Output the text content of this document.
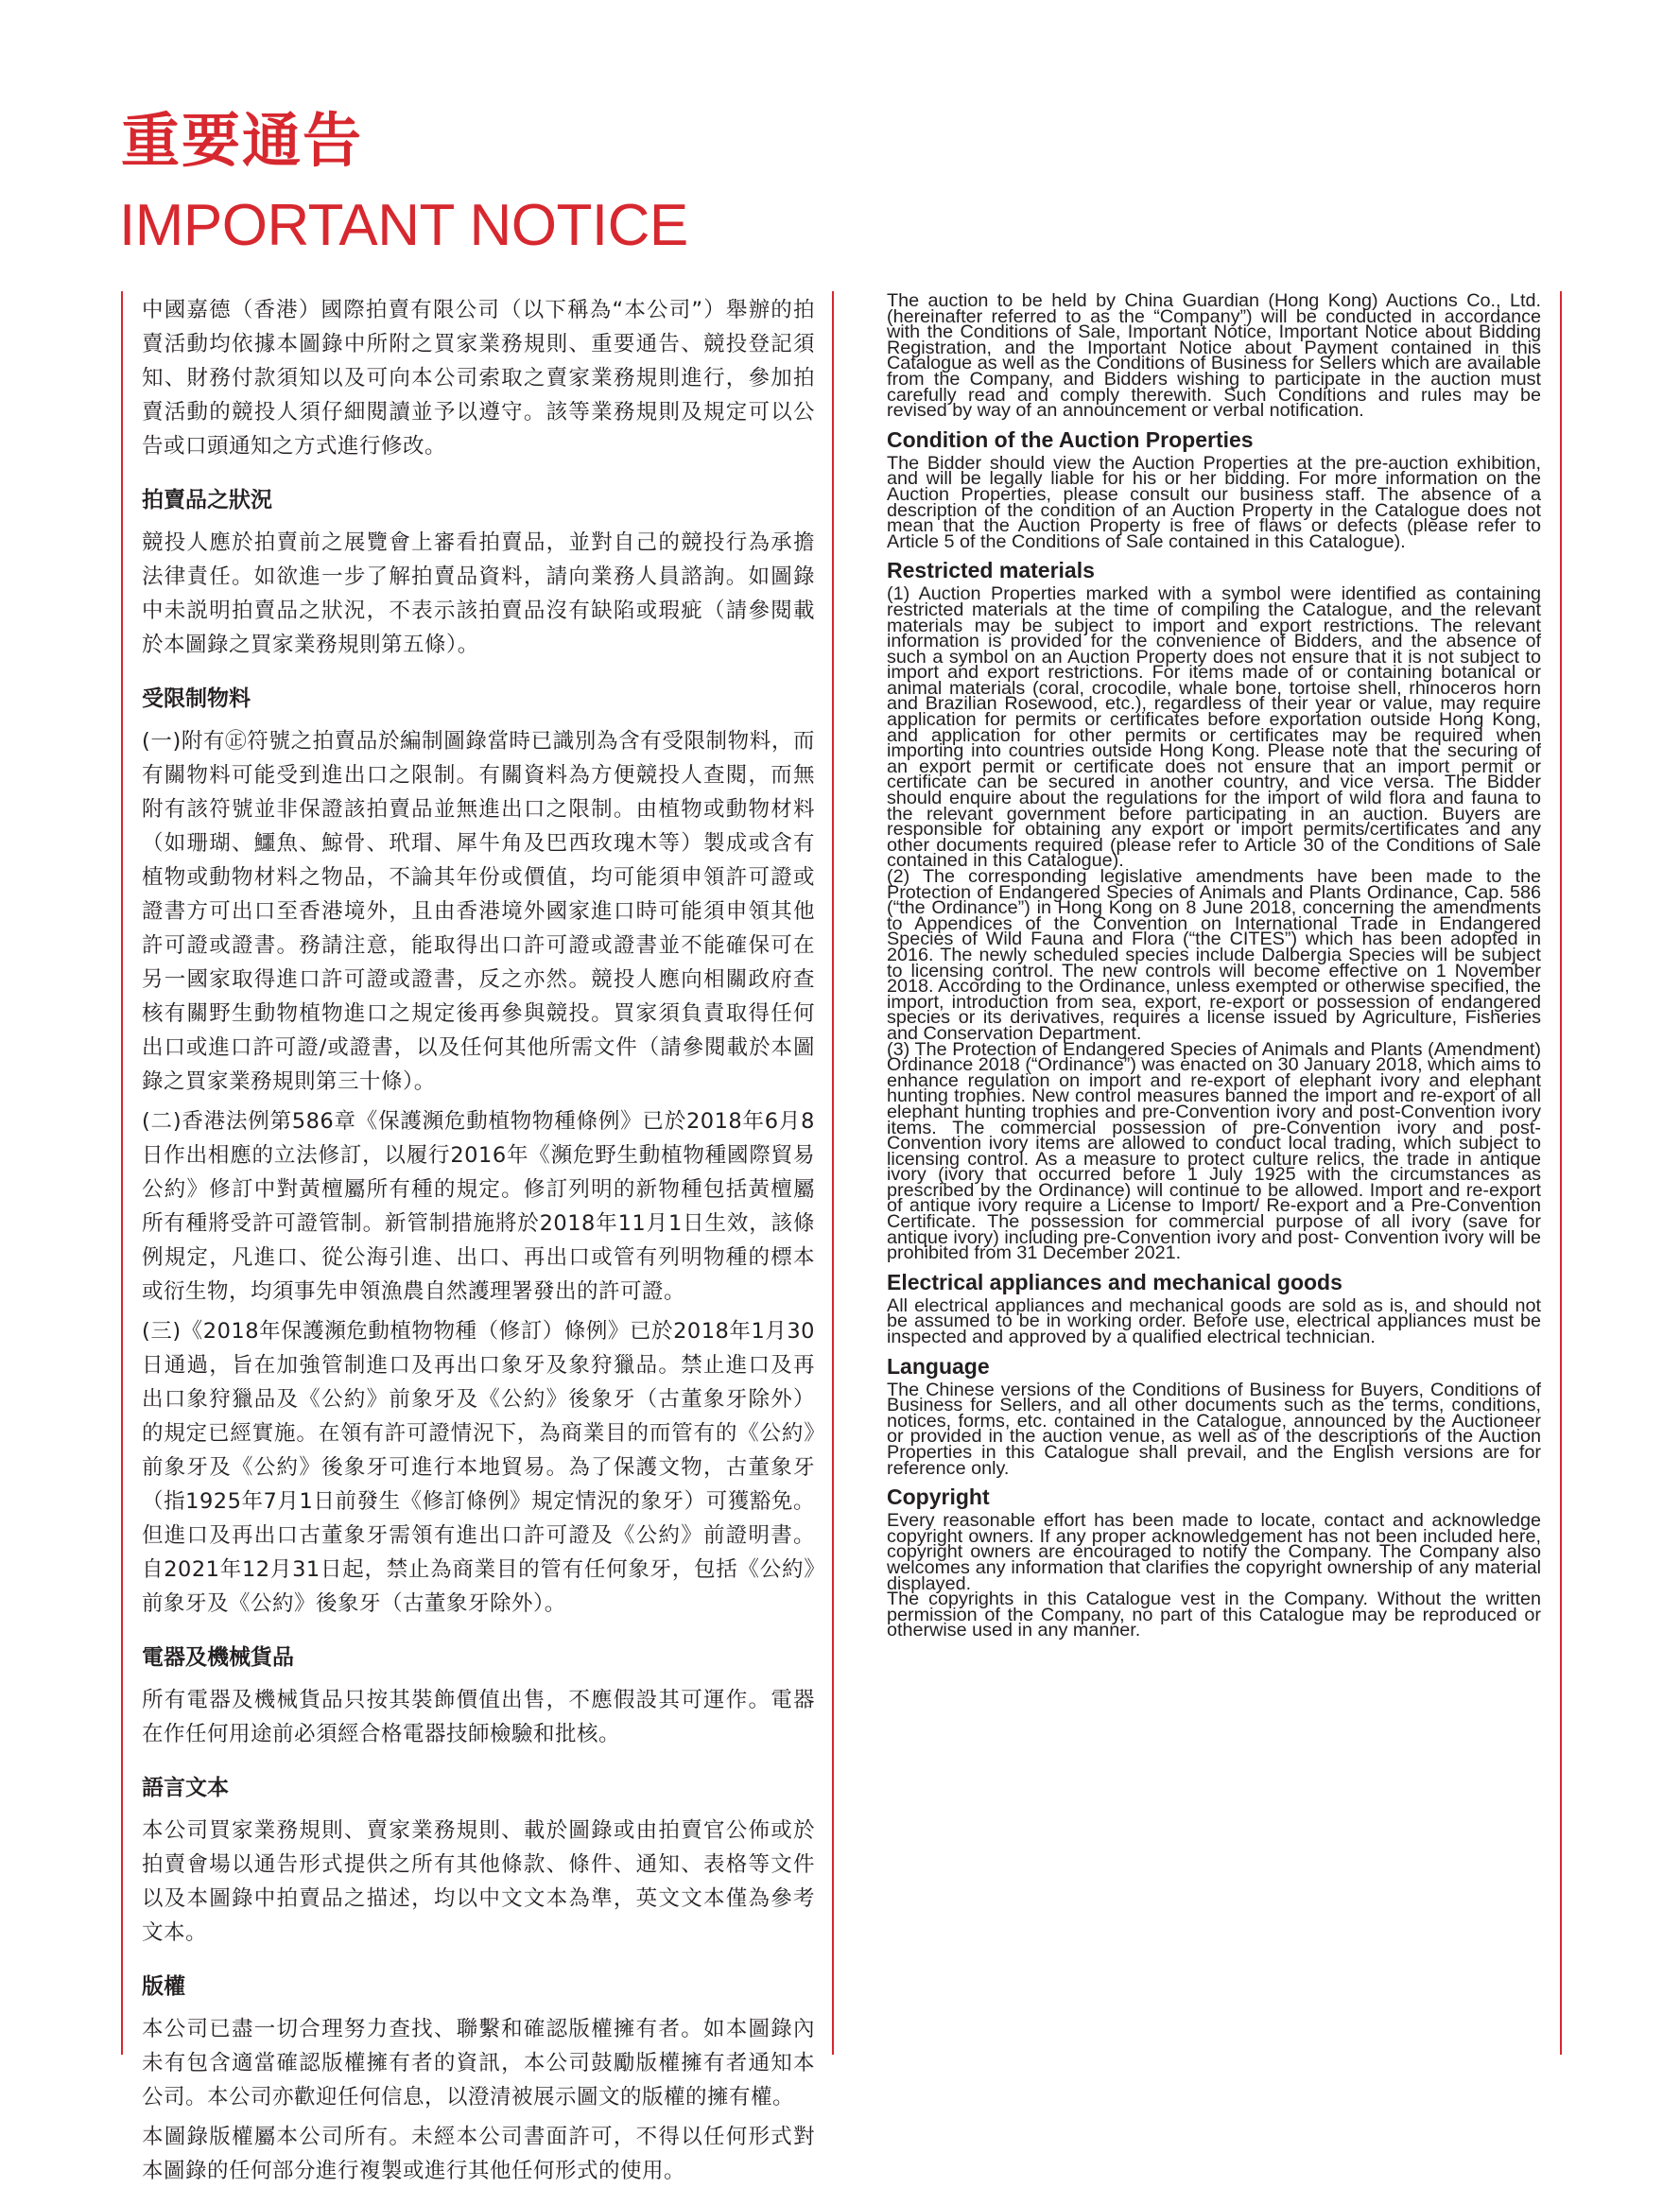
重要通告
IMPORTANT NOTICE

中國嘉德（香港）國際拍賣有限公司（以下稱為“本公司”）舉辦的拍賣活動均依據本圖錄中所附之買家業務規則、重要通告、競投登記須知、財務付款須知以及可向本公司索取之賣家業務規則進行，參加拍賣活動的競投人須仔細閱讀並予以遵守。該等業務規則及規定可以公告或口頭通知之方式進行修改。

拍賣品之狀況

競投人應於拍賣前之展覽會上審看拍賣品，並對自己的競投行為承擔法律責任。如欲進一步了解拍賣品資料，請向業務人員諮詢。如圖錄中未説明拍賣品之狀況，不表示該拍賣品沒有缺陷或瑕疵（請參閱載於本圖錄之買家業務規則第五條）。

受限制物料

(一)附有㊣符號之拍賣品於編制圖錄當時已識別為含有受限制物料，而有關物料可能受到進出口之限制。有關資料為方便競投人查閱，而無附有該符號並非保證該拍賣品並無進出口之限制。由植物或動物材料（如珊瑚、鱷魚、鯨骨、玳瑁、犀牛角及巴西玫瑰木等）製成或含有植物或動物材料之物品，不論其年份或價值，均可能須申領許可證或證書方可出口至香港境外，且由香港境外國家進口時可能須申領其他許可證或證書。務請注意，能取得出口許可證或證書並不能確保可在另一國家取得進口許可證或證書，反之亦然。競投人應向相關政府查核有關野生動物植物進口之規定後再參與競投。買家須負責取得任何出口或進口許可證/或證書，以及任何其他所需文件（請參閱載於本圖錄之買家業務規則第三十條）。

(二)香港法例第586章《保護瀕危動植物物種條例》已於2018年6月8日作出相應的立法修訂，以履行2016年《瀕危野生動植物種國際貿易公約》修訂中對黃檀屬所有種的規定。修訂列明的新物種包括黃檀屬所有種將受許可證管制。新管制措施將於2018年11月1日生效，該條例規定，凡進口、從公海引進、出口、再出口或管有列明物種的標本或衍生物，均須事先申領漁農自然護理署發出的許可證。

(三)《2018年保護瀕危動植物物種（修訂）條例》已於2018年1月30日通過，旨在加強管制進口及再出口象牙及象狩獵品。禁止進口及再出口象狩獵品及《公約》前象牙及《公約》後象牙（古董象牙除外）的規定已經實施。在領有許可證情況下，為商業目的而管有的《公約》前象牙及《公約》後象牙可進行本地貿易。為了保護文物，古董象牙（指1925年7月1日前發生《修訂條例》規定情況的象牙）可獲豁免。但進口及再出口古董象牙需領有進出口許可證及《公約》前證明書。自2021年12月31日起，禁止為商業目的管有任何象牙，包括《公約》前象牙及《公約》後象牙（古董象牙除外）。

電器及機械貨品

所有電器及機械貨品只按其裝飾價值出售，不應假設其可運作。電器在作任何用途前必須經合格電器技師檢驗和批核。

語言文本

本公司買家業務規則、賣家業務規則、載於圖錄或由拍賣官公佈或於拍賣會場以通告形式提供之所有其他條款、條件、通知、表格等文件以及本圖錄中拍賣品之描述，均以中文文本為準，英文文本僅為參考文本。

版權

本公司已盡一切合理努力查找、聯繫和確認版權擁有者。如本圖錄內未有包含適當確認版權擁有者的資訊，本公司鼓勵版權擁有者通知本公司。本公司亦歡迎任何信息，以澄清被展示圖文的版權的擁有權。

本圖錄版權屬本公司所有。未經本公司書面許可，不得以任何形式對本圖錄的任何部分進行複製或進行其他任何形式的使用。

The auction to be held by China Guardian (Hong Kong) Auctions Co., Ltd. (hereinafter referred to as the “Company”) will be conducted in accordance with the Conditions of Sale, Important Notice, Important Notice about Bidding Registration, and the Important Notice about Payment contained in this Catalogue as well as the Conditions of Business for Sellers which are available from the Company, and Bidders wishing to participate in the auction must carefully read and comply therewith. Such Conditions and rules may be revised by way of an announcement or verbal notification.

Condition of the Auction Properties

The Bidder should view the Auction Properties at the pre-auction exhibition, and will be legally liable for his or her bidding. For more information on the Auction Properties, please consult our business staff. The absence of a description of the condition of an Auction Property in the Catalogue does not mean that the Auction Property is free of flaws or defects (please refer to Article 5 of the Conditions of Sale contained in this Catalogue).

Restricted materials

(1) Auction Properties marked with a symbol were identified as containing restricted materials at the time of compiling the Catalogue, and the relevant materials may be subject to import and export restrictions. The relevant information is provided for the convenience of Bidders, and the absence of such a symbol on an Auction Property does not ensure that it is not subject to import and export restrictions. For items made of or containing botanical or animal materials (coral, crocodile, whale bone, tortoise shell, rhinoceros horn and Brazilian Rosewood, etc.), regardless of their year or value, may require application for permits or certificates before exportation outside Hong Kong, and application for other permits or certificates may be required when importing into countries outside Hong Kong. Please note that the securing of an export permit or certificate does not ensure that an import permit or certificate can be secured in another country, and vice versa. The Bidder should enquire about the regulations for the import of wild flora and fauna to the relevant government before participating in an auction. Buyers are responsible for obtaining any export or import permits/certificates and any other documents required (please refer to Article 30 of the Conditions of Sale contained in this Catalogue).

(2) The corresponding legislative amendments have been made to the Protection of Endangered Species of Animals and Plants Ordinance, Cap. 586 (“the Ordinance”) in Hong Kong on 8 June 2018, concerning the amendments to Appendices of the Convention on International Trade in Endangered Species of Wild Fauna and Flora (“the CITES”) which has been adopted in 2016. The newly scheduled species include Dalbergia Species will be subject to licensing control. The new controls will become effective on 1 November 2018. According to the Ordinance, unless exempted or otherwise specified, the import, introduction from sea, export, re-export or possession of endangered species or its derivatives, requires a license issued by Agriculture, Fisheries and Conservation Department.

(3) The Protection of Endangered Species of Animals and Plants (Amendment) Ordinance 2018 (“Ordinance”) was enacted on 30 January 2018, which aims to enhance regulation on import and re-export of elephant ivory and elephant hunting trophies. New control measures banned the import and re-export of all elephant hunting trophies and pre-Convention ivory and post-Convention ivory items. The commercial possession of pre-Convention ivory and post-Convention ivory items are allowed to conduct local trading, which subject to licensing control. As a measure to protect culture relics, the trade in antique ivory (ivory that occurred before 1 July 1925 with the circumstances as prescribed by the Ordinance) will continue to be allowed. Import and re-export of antique ivory require a License to Import/ Re-export and a Pre-Convention Certificate. The possession for commercial purpose of all ivory (save for antique ivory) including pre-Convention ivory and post- Convention ivory will be prohibited from 31 December 2021.

Electrical appliances and mechanical goods

All electrical appliances and mechanical goods are sold as is, and should not be assumed to be in working order. Before use, electrical appliances must be inspected and approved by a qualified electrical technician.

Language

The Chinese versions of the Conditions of Business for Buyers, Conditions of Business for Sellers, and all other documents such as the terms, conditions, notices, forms, etc. contained in the Catalogue, announced by the Auctioneer or provided in the auction venue, as well as of the descriptions of the Auction Properties in this Catalogue shall prevail, and the English versions are for reference only.

Copyright

Every reasonable effort has been made to locate, contact and acknowledge copyright owners. If any proper acknowledgement has not been included here, copyright owners are encouraged to notify the Company. The Company also welcomes any information that clarifies the copyright ownership of any material displayed.

The copyrights in this Catalogue vest in the Company. Without the written permission of the Company, no part of this Catalogue may be reproduced or otherwise used in any manner.
